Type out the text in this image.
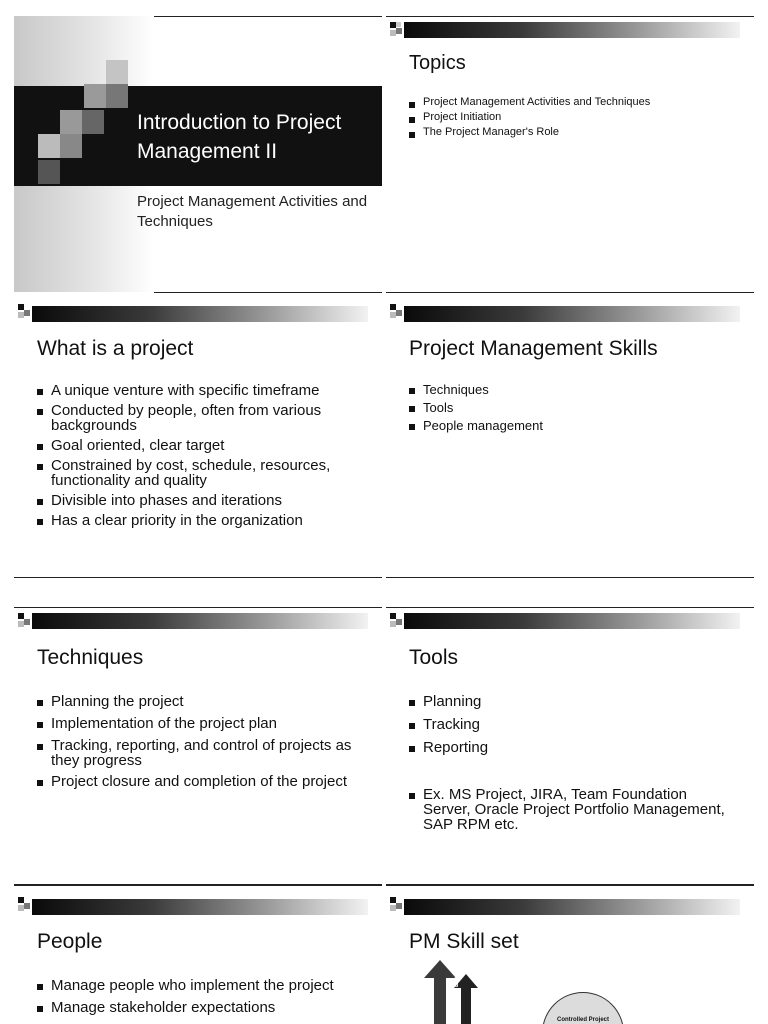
Introduction to Project Management II
Project Management Activities and Techniques
Topics
Project Management Activities and Techniques
Project Initiation
The Project Manager's Role
What is a project
A unique venture with specific timeframe
Conducted by people, often from various backgrounds
Goal oriented, clear target
Constrained by cost, schedule, resources, functionality and quality
Divisible into phases and iterations
Has a clear priority in the organization
Project Management Skills
Techniques
Tools
People management
Techniques
Planning the project
Implementation of the project plan
Tracking, reporting, and control of projects as they progress
Project closure and completion of the project
Tools
Planning
Tracking
Reporting
Ex. MS Project, JIRA, Team Foundation Server, Oracle Project Portfolio Management, SAP RPM etc.
People
Manage people who implement the project
Manage stakeholder expectations
PM Skill set
Leadership
Controlled Project
